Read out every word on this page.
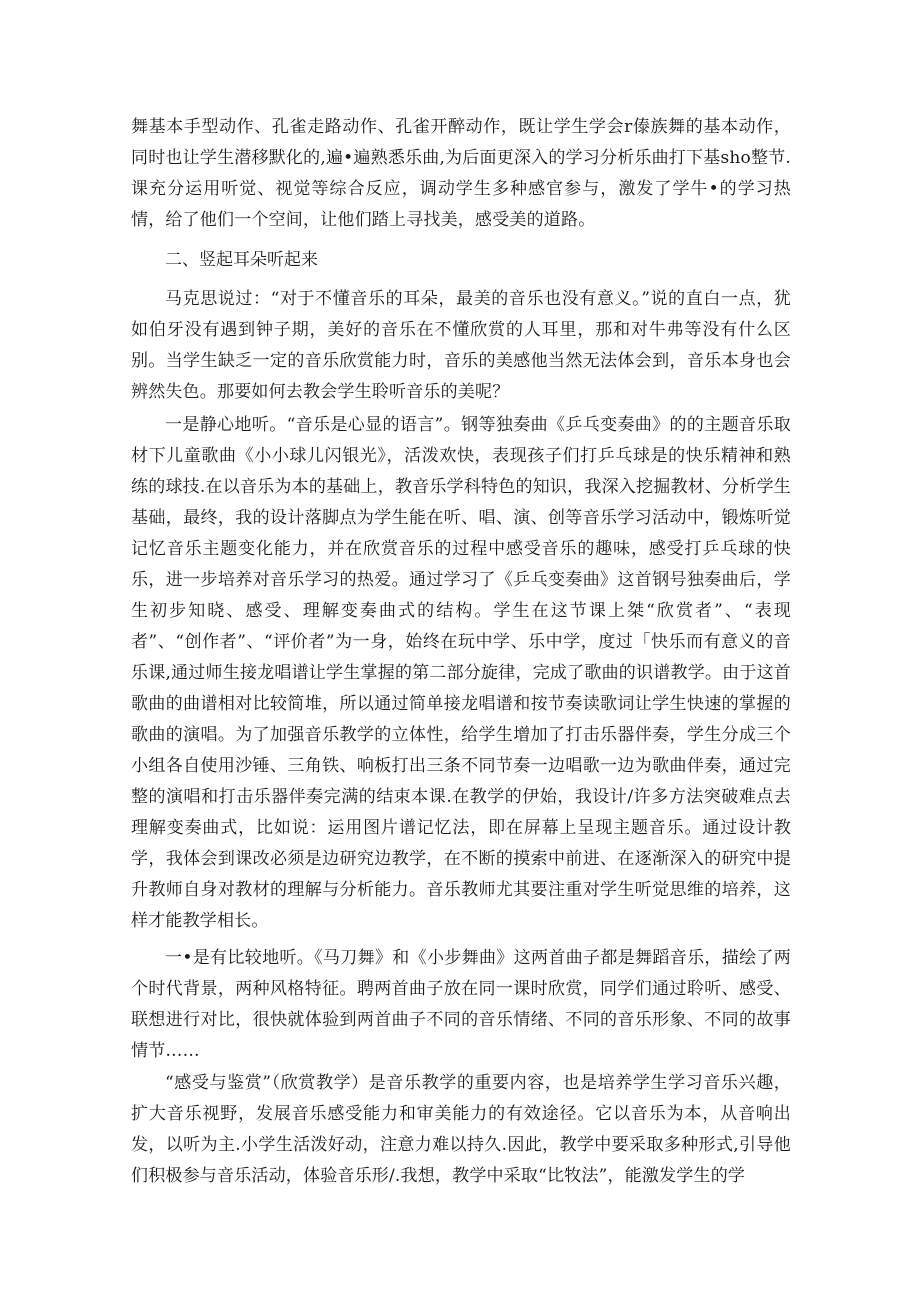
舞基本手型动作、孔雀走路动作、孔雀开醉动作，既让学生学会r傣族舞的基本动作，同时也让学生潜移默化的,遍•遍熟悉乐曲,为后面更深入的学习分析乐曲打下基sho整节.课充分运用听觉、视觉等综合反应，调动学生多种感官参与，激发了学牛•的学习热情，给了他们一个空间，让他们踏上寻找美，感受美的道路。

二、竖起耳朵听起来

马克思说过：“对于不懂音乐的耳朵，最美的音乐也没有意义。”说的直白一点，犹如伯牙没有遇到钟子期，美好的音乐在不懂欣赏的人耳里，那和对牛弗等没有什么区别。当学生缺乏一定的音乐欣赏能力时，音乐的美感他当然无法体会到，音乐本身也会辨然失色。那要如何去教会学生聆听音乐的美呢？

一是静心地听。“音乐是心显的语言”。钢等独奏曲《乒乓变奏曲》的的主题音乐取材下儿童歌曲《小小球儿闪银光》，活泼欢快，表现孩子们打乒乓球是的快乐精神和熟练的球技.在以音乐为本的基础上，教音乐学科特色的知识，我深入挖掘教材、分析学生基础，最终，我的设计落脚点为学生能在听、唱、演、创等音乐学习活动中，锻炼听觉记忆音乐主题变化能力，并在欣赏音乐的过程中感受音乐的趣味，感受打乒乓球的快乐，进一步培养对音乐学习的热爱。通过学习了《乒乓变奏曲》这首钢号独奏曲后，学生初步知晓、感受、理解变奏曲式的结构。学生在这节课上桀“欣赏者”、“表现者”、“创作者”、“评价者”为一身，始终在玩中学、乐中学，度过「快乐而有意义的音乐课,通过师生接龙唱谱让学生掌握的第二部分旋律，完成了歌曲的识谱教学。由于这首歌曲的曲谱相对比较简堆，所以通过简单接龙唱谱和按节奏读歌词让学生快速的掌握的歌曲的演唱。为了加强音乐教学的立体性，给学生增加了打击乐器伴奏，学生分成三个小组各自使用沙锤、三角铁、响板打出三条不同节奏一边唱歌一边为歌曲伴奏，通过完整的演唱和打击乐器伴奏完满的结束本课.在教学的伊始，我设计/许多方法突破难点去理解变奏曲式，比如说：运用图片谱记忆法，即在屏幕上呈现主题音乐。通过设计教学，我体会到课改必须是边研究边教学，在不断的摸索中前进、在逐渐深入的研究中提升教师自身对教材的理解与分析能力。音乐教师尤其要注重对学生听觉思维的培养，这样才能教学相长。

一•是有比较地听。《马刀舞》和《小步舞曲》这两首曲子都是舞蹈音乐，描绘了两个时代背景，两种风格特征。聘两首曲子放在同一课时欣赏，同学们通过聆听、感受、联想进行对比，很快就体验到两首曲子不同的音乐情绪、不同的音乐形象、不同的故事情节……

“感受与鉴赏”（欣赏教学）是音乐教学的重要内容，也是培养学生学习音乐兴趣，扩大音乐视野，发展音乐感受能力和审美能力的有效途径。它以音乐为本，从音响出发，以听为主.小学生活泼好动，注意力难以持久.因此，教学中要采取多种形式,引导他们积极参与音乐活动，体验音乐形/.我想，教学中采取“比牧法”，能激发学生的学
